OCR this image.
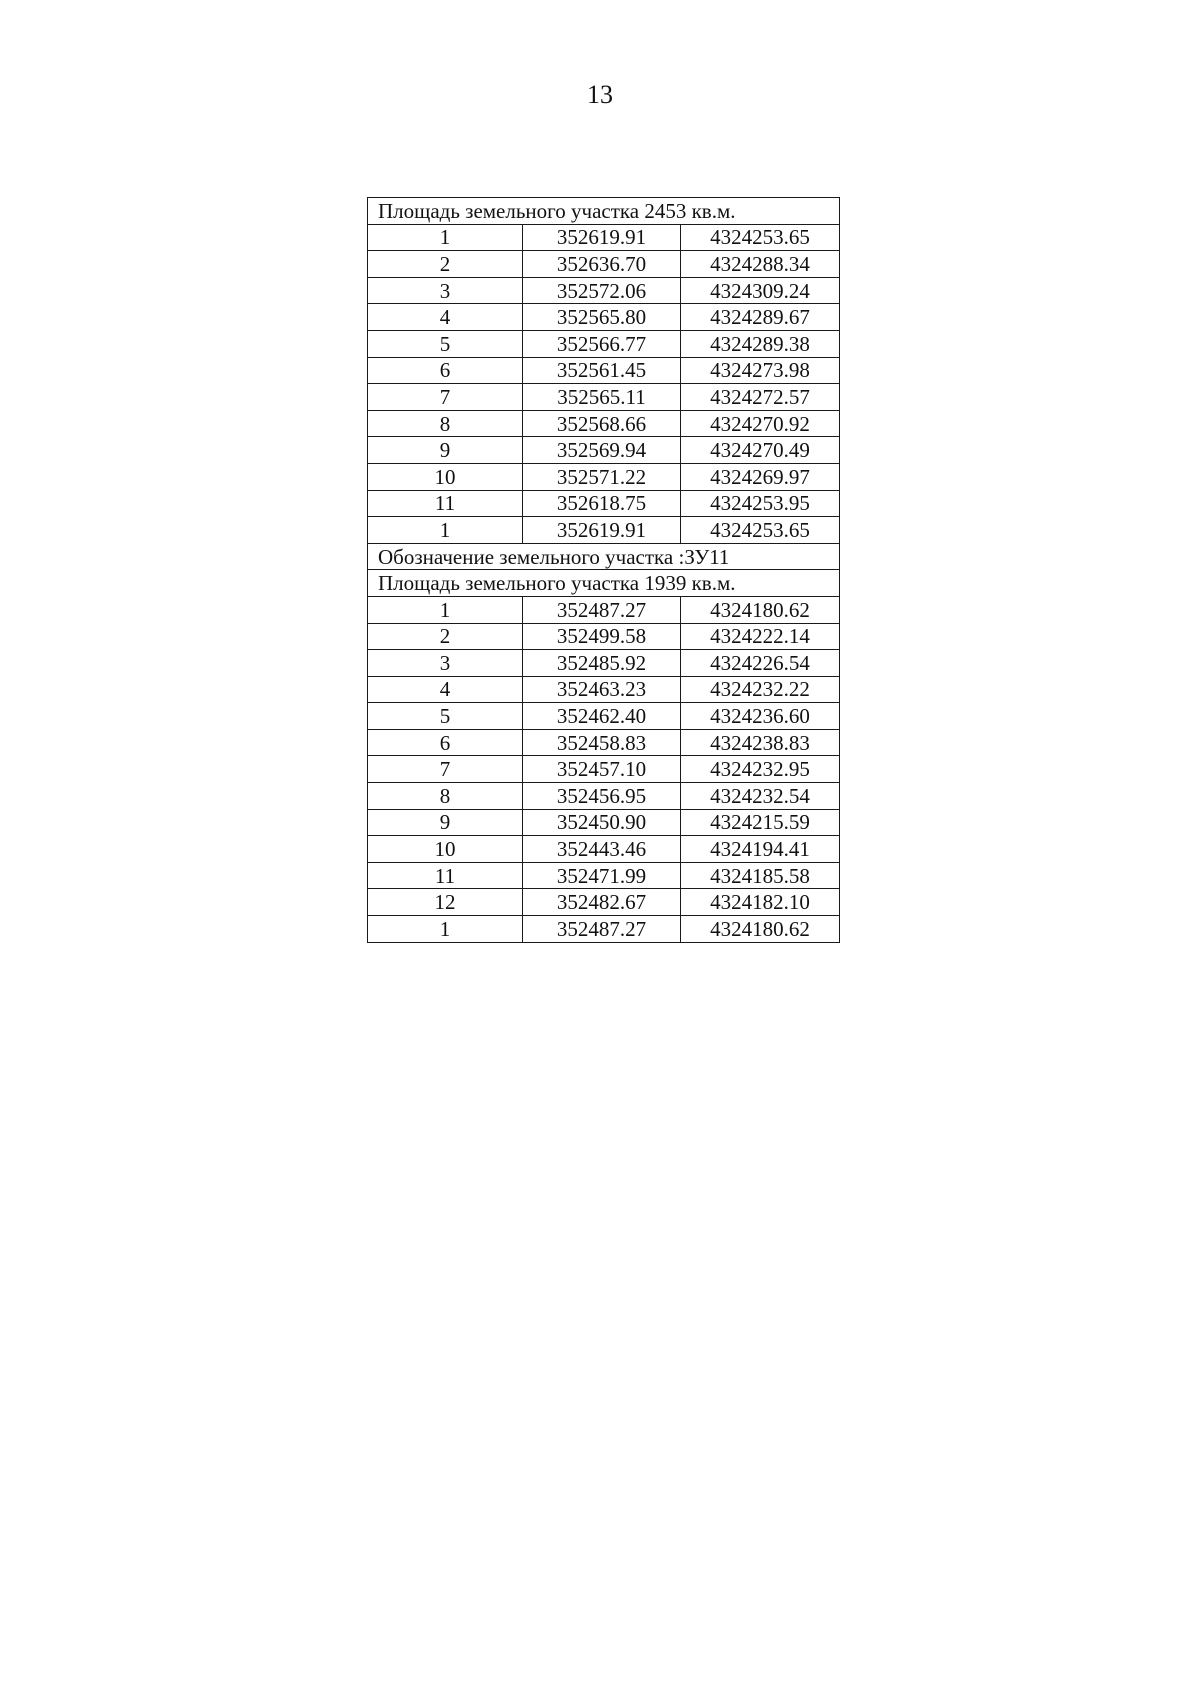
13
Площадь земельного участка 2453 кв.м.		
1	352619.91	4324253.65
2	352636.70	4324288.34
3	352572.06	4324309.24
4	352565.80	4324289.67
5	352566.77	4324289.38
6	352561.45	4324273.98
7	352565.11	4324272.57
8	352568.66	4324270.92
9	352569.94	4324270.49
10	352571.22	4324269.97
11	352618.75	4324253.95
1	352619.91	4324253.65
Обозначение земельного участка :ЗУ11		
Площадь земельного участка 1939 кв.м.		
1	352487.27	4324180.62
2	352499.58	4324222.14
3	352485.92	4324226.54
4	352463.23	4324232.22
5	352462.40	4324236.60
6	352458.83	4324238.83
7	352457.10	4324232.95
8	352456.95	4324232.54
9	352450.90	4324215.59
10	352443.46	4324194.41
11	352471.99	4324185.58
12	352482.67	4324182.10
1	352487.27	4324180.62
